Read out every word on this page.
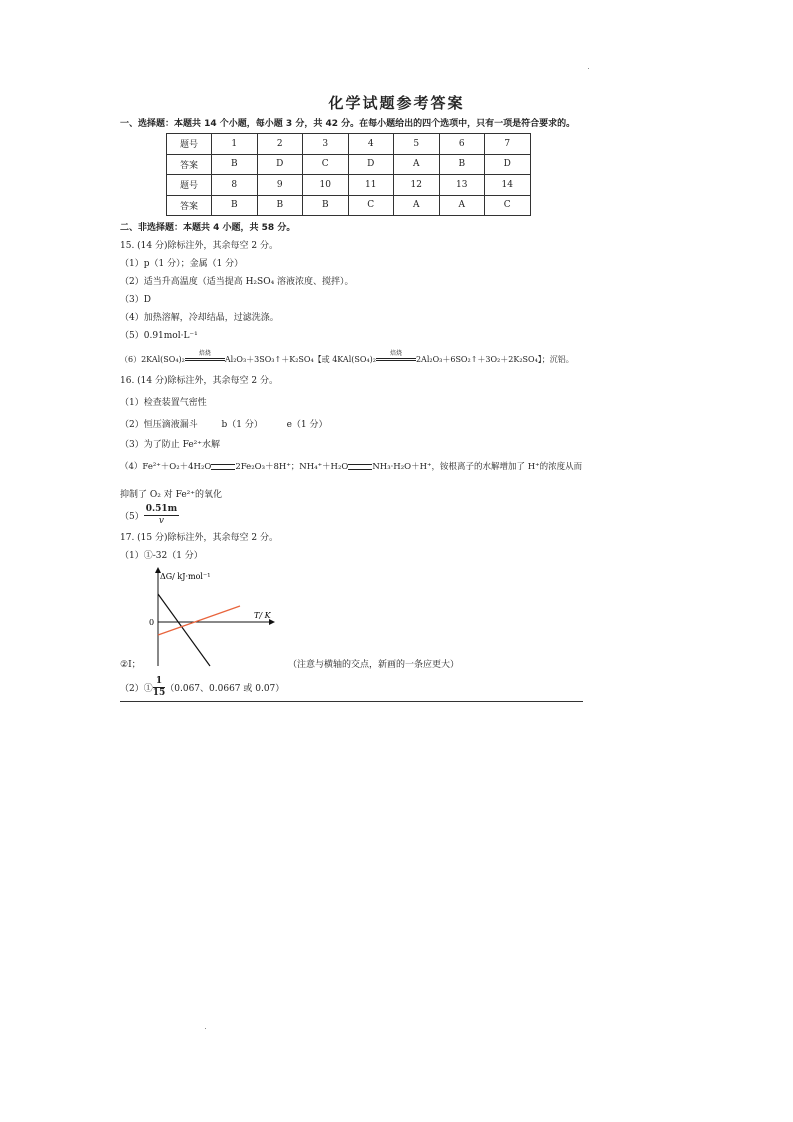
化学试题参考答案
一、选择题：本题共 14 个小题，每小题 3 分，共 42 分。在每小题给出的四个选项中，只有一项是符合要求的。
题号	1	2	3	4	5	6	7
答案	B	D	C	D	A	B	D
题号	8	9	10	11	12	13	14
答案	B	B	B	C	A	A	C
二、非选择题：本题共 4 小题，共 58 分。
15. (14 分)除标注外，其余每空 2 分。
（1）p（1 分）；金属（1 分）
（2）适当升高温度（适当提高 H₂SO₄ 溶液浓度、搅拌）。
（3）D
（4）加热溶解，冷却结晶，过滤洗涤。
（5）0.91mol·L⁻¹
（6）2KAl(SO₄)₂
焙烧
Al₂O₃＋3SO₃↑＋K₂SO₄【或 4KAl(SO₄)₂
焙烧
2Al₂O₃＋6SO₂↑＋3O₂＋2K₂SO₄】；沉铝。
16. (14 分)除标注外，其余每空 2 分。
（1）检查装置气密性
（2）恒压滴液漏斗	b（1 分）	e（1 分）
（3）为了防止 Fe²⁺水解
（4）Fe²⁺＋O₂＋4H₂O	2Fe₂O₃＋8H⁺；NH₄⁺＋H₂O	NH₃·H₂O＋H⁺，铵根离子的水解增加了 H⁺的浓度从而
抑制了 O₂ 对 Fe²⁺的氧化
$(5) \frac{0.51m}{v}$
17. (15 分)除标注外，其余每空 2 分。
（1）①-32（1 分）
ΔG/ kJ·mol⁻¹
T/ K
0
②Ⅰ；	（注意与横轴的交点，新画的一条应更大）
（2）① $\frac{1}{15} (0.067$、0.0667 或 0.07）
